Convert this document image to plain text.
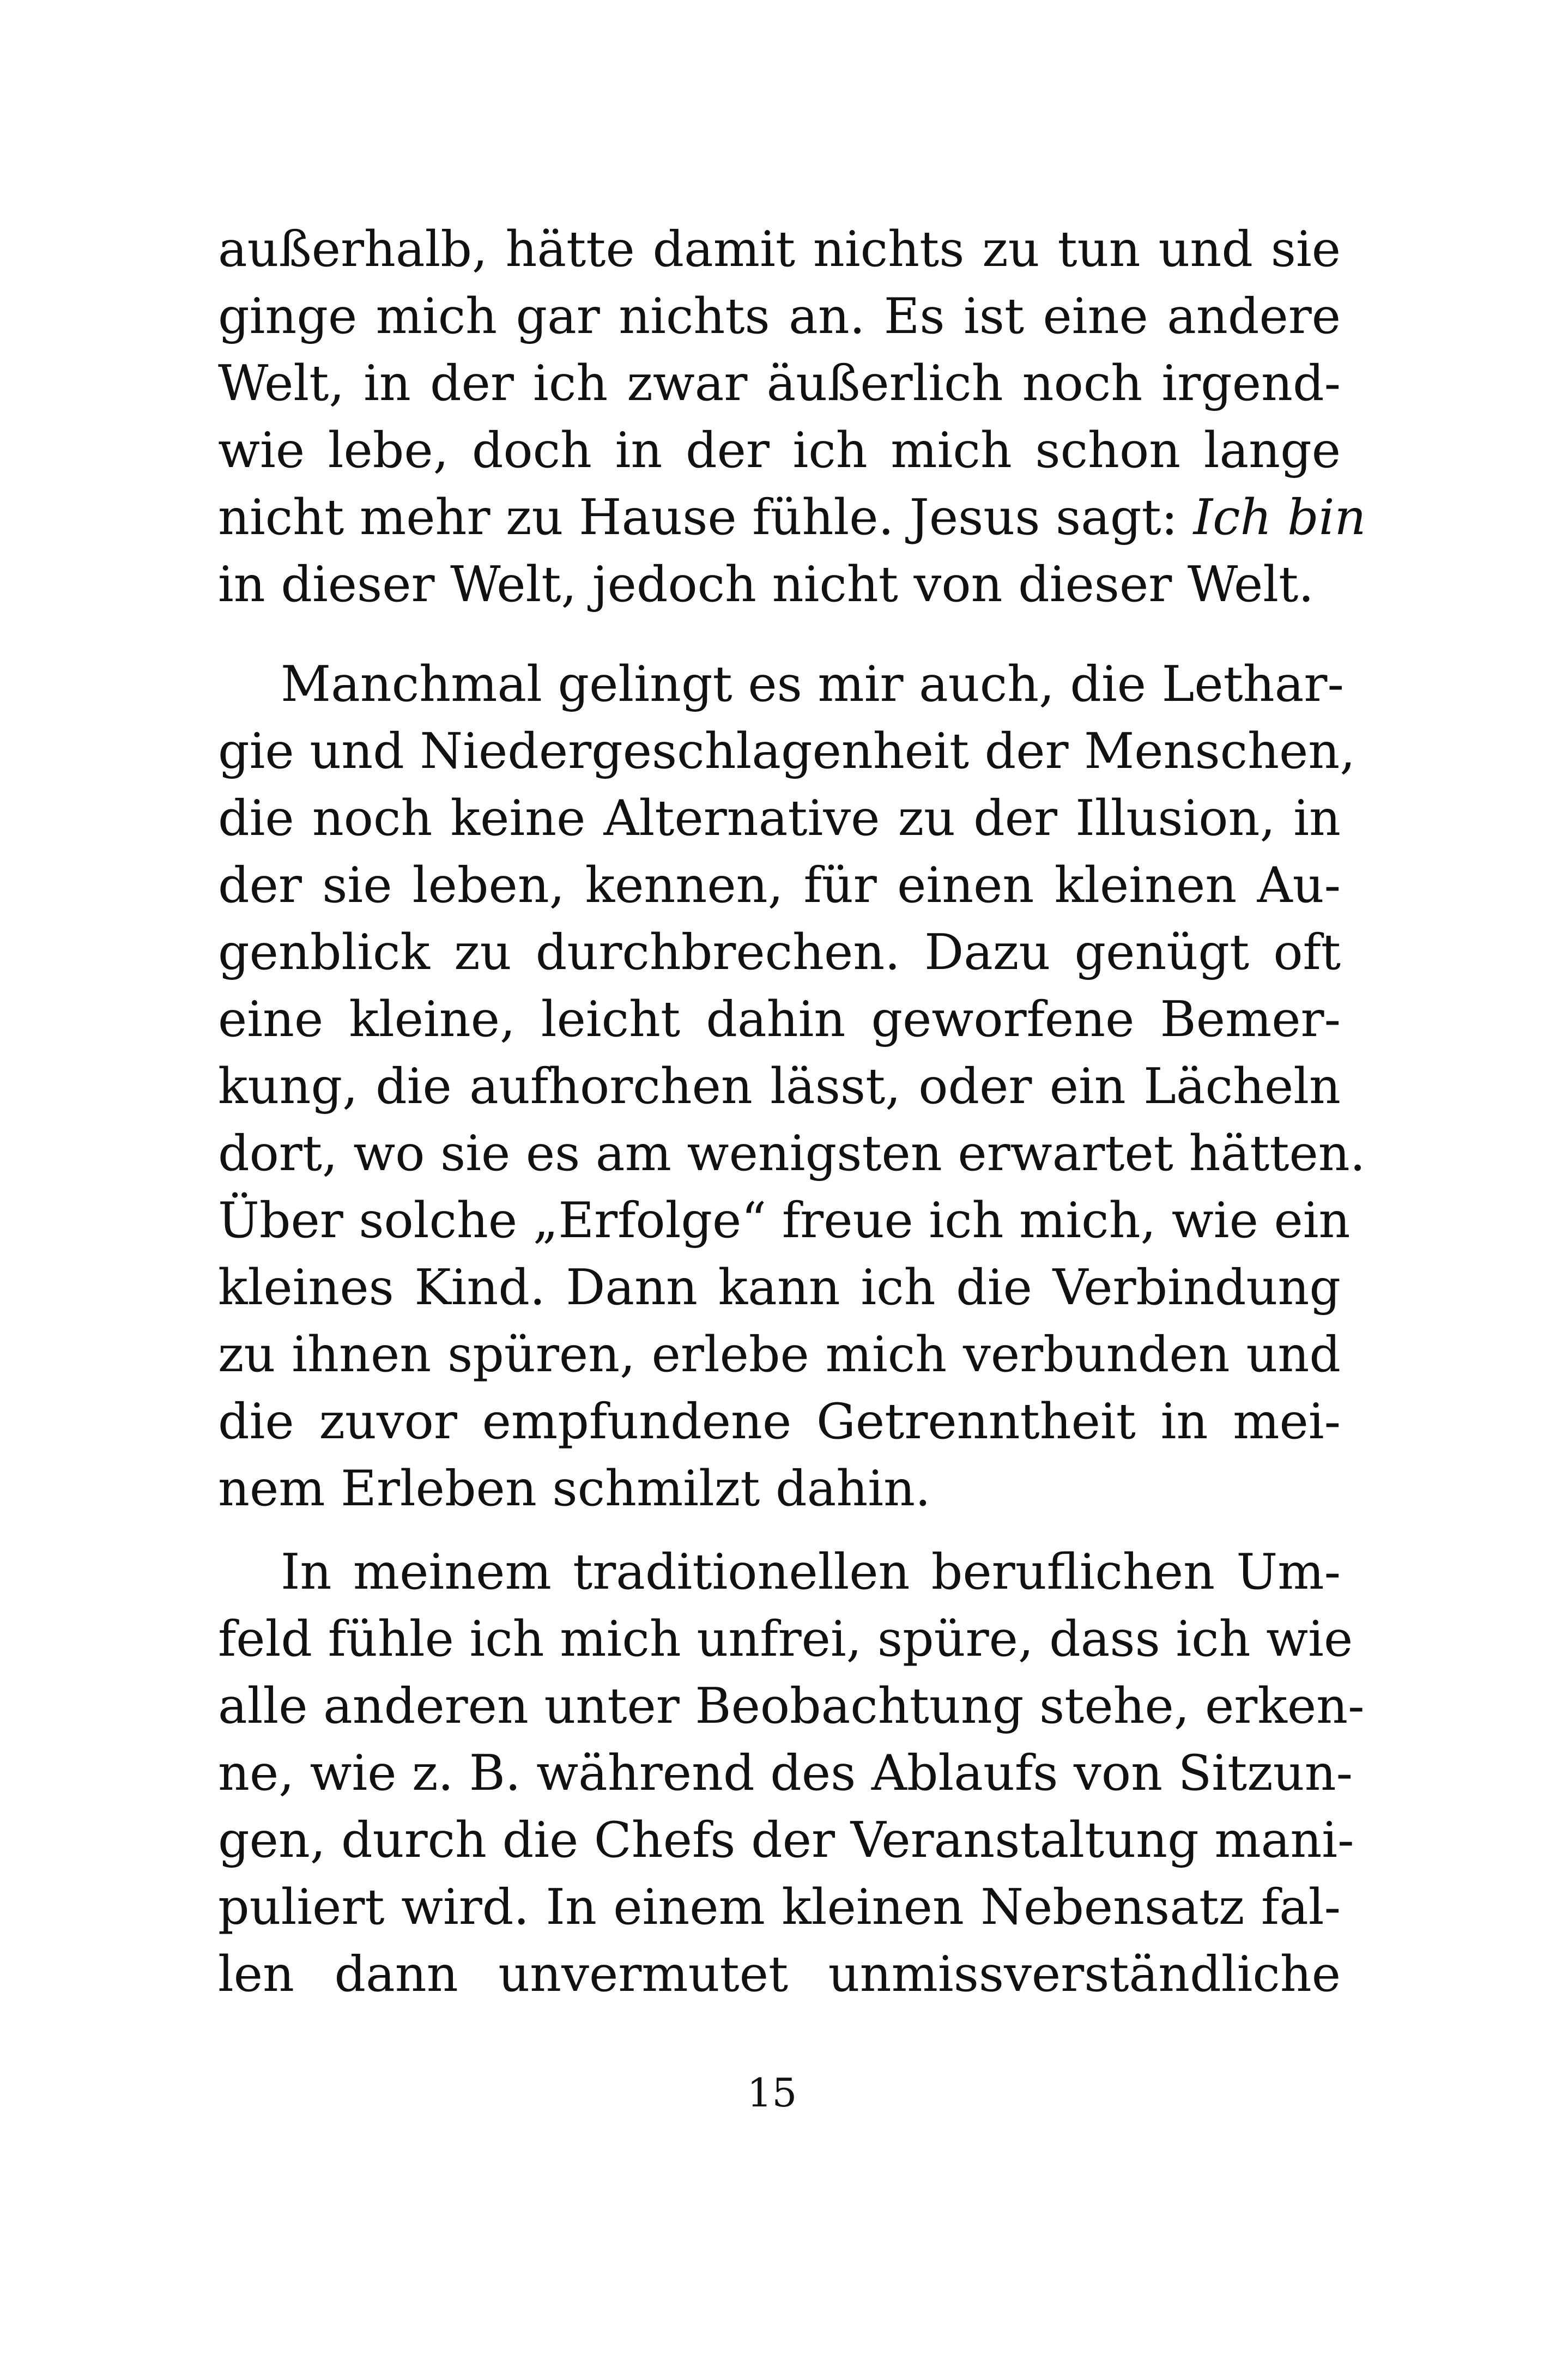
außerhalb, hätte damit nichts zu tun und sie
ginge mich gar nichts an. Es ist eine andere
Welt, in der ich zwar äußerlich noch irgend-
wie lebe, doch in der ich mich schon lange
nicht mehr zu Hause fühle. Jesus sagt: Ich bin
in dieser Welt, jedoch nicht von dieser Welt.
Manchmal gelingt es mir auch, die Lethar-
gie und Niedergeschlagenheit der Menschen,
die noch keine Alternative zu der Illusion, in
der sie leben, kennen, für einen kleinen Au-
genblick zu durchbrechen. Dazu genügt oft
eine kleine, leicht dahin geworfene Bemer-
kung, die aufhorchen lässt, oder ein Lächeln
dort, wo sie es am wenigsten erwartet hätten.
Über solche „Erfolge“ freue ich mich, wie ein
kleines Kind. Dann kann ich die Verbindung
zu ihnen spüren, erlebe mich verbunden und
die zuvor empfundene Getrenntheit in mei-
nem Erleben schmilzt dahin.
In meinem traditionellen beruflichen Um-
feld fühle ich mich unfrei, spüre, dass ich wie
alle anderen unter Beobachtung stehe, erken-
ne, wie z. B. während des Ablaufs von Sitzun-
gen, durch die Chefs der Veranstaltung mani-
puliert wird. In einem kleinen Nebensatz fal-
len dann unvermutet unmissverständliche
15
